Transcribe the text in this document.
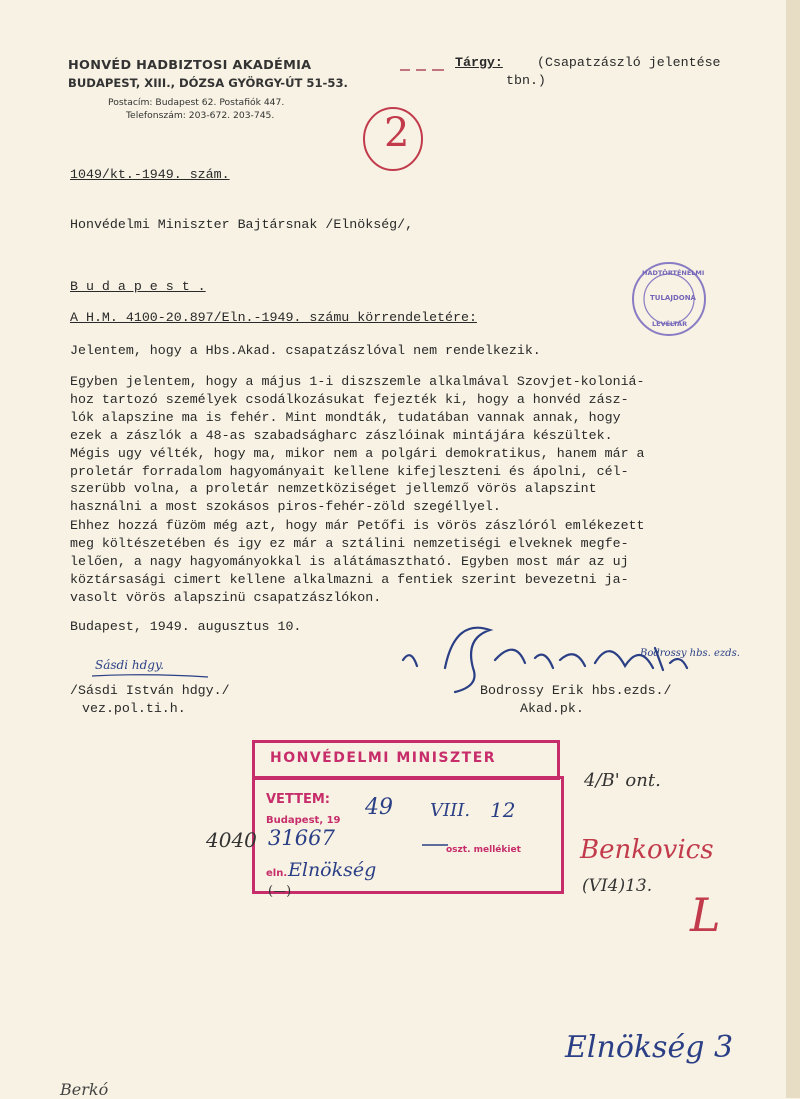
HONVÉD HADBIZTOSI AKADÉMIA
BUDAPEST, XIII., DÓZSA GYÖRGY-ÚT 51-53.
Postacím: Budapest 62. Postafiók 447.
Telefonszám: 203-672. 203-745.
Tárgy:	(Csapatzászló jelentése
tbn.)
2
1049/kt.-1949. szám.
Honvédelmi Miniszter Bajtársnak /Elnökség/,
B u d a p e s t .
A H.M. 4100-20.897/Eln.-1949. számu körrendeletére:
HADTÖRTÉNELMI
TULAJDONA
LEVÉLTÁR
Jelentem, hogy a Hbs.Akad. csapatzászlóval nem rendelkezik.

Egyben jelentem, hogy a május 1-i diszszemle alkalmával Szovjet-koloniá-

hoz tartozó személyek csodálkozásukat fejezték ki, hogy a honvéd zász-

lók alapszine ma is fehér. Mint mondták, tudatában vannak annak, hogy

ezek a zászlók a 48-as szabadságharc zászlóinak mintájára készültek.

Mégis ugy vélték, hogy ma, mikor nem a polgári demokratikus, hanem már a

proletár forradalom hagyományait kellene kifejleszteni és ápolni, cél-

szerübb volna, a proletár nemzetköziséget jellemző vörös alapszint

használni a most szokásos piros-fehér-zöld szegéllyel.

Ehhez hozzá füzöm még azt, hogy már Petőfi is vörös zászlóról emlékezett

meg költészetében és igy ez már a sztálini nemzetiségi elveknek megfe-

lelően, a nagy hagyományokkal is alátámasztható. Egyben most már az uj

köztársasági cimert kellene alkalmazni a fentiek szerint bevezetni ja-

vasolt vörös alapszinü csapatzászlókon.

Budapest, 1949. augusztus 10.
Sásdi hdgy.
/Sásdi István hdgy./
vez.pol.ti.h.
Bodrossy hbs. ezds.
Bodrossy Erik hbs.ezds./
Akad.pk.
HONVÉDELMI MINISZTER
VETTEM:
Budapest, 19
oszt. mellékiet
eln.
49 VIII. 12
31667
Elnökség
4040
(—)
4/B' ont.
Benkovics
(VI4)13.
L
Elnökség 3
Berkó
